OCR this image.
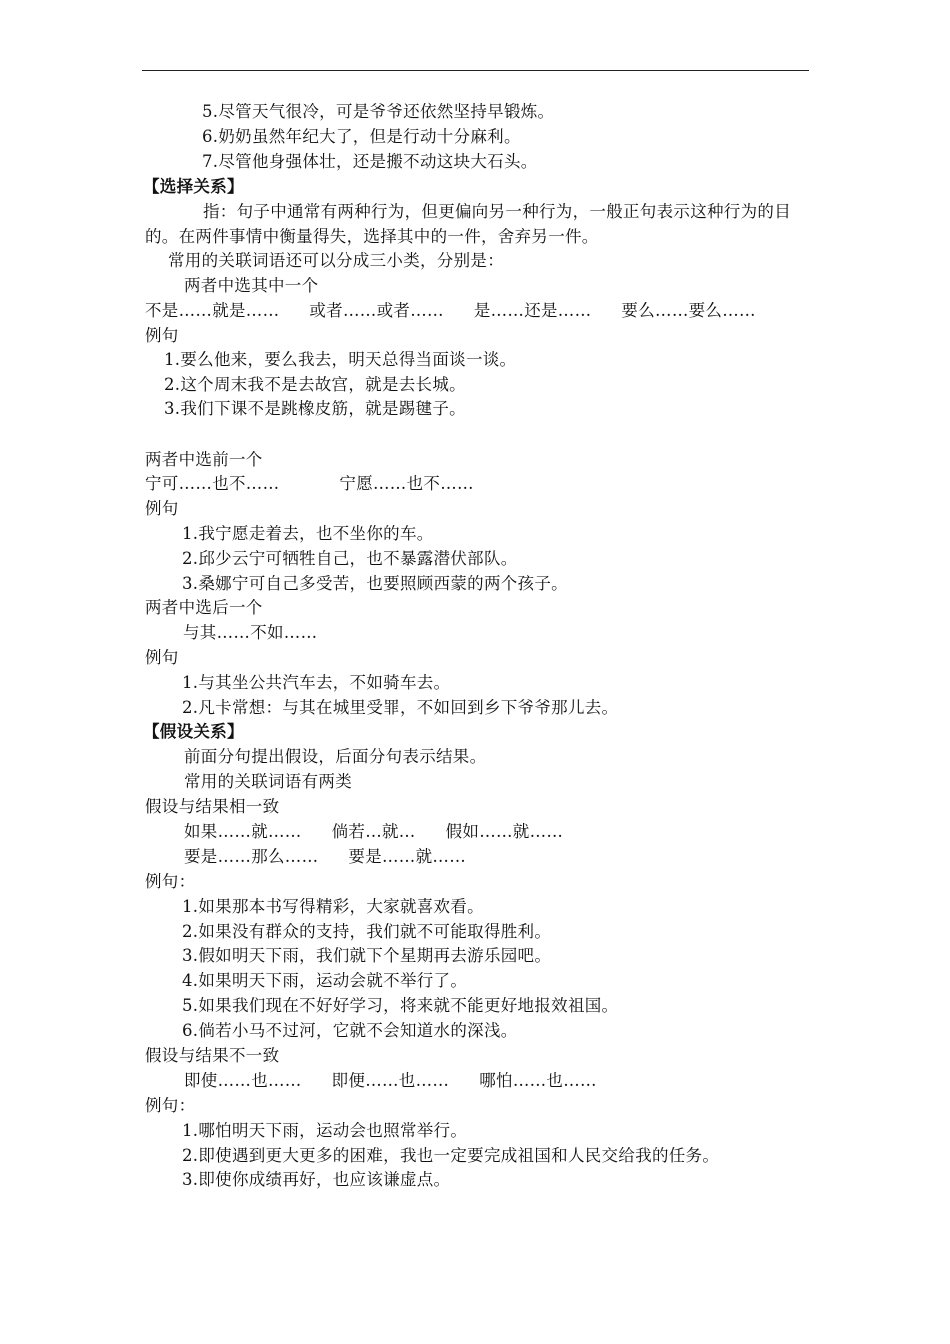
5.尽管天气很冷，可是爷爷还依然坚持早锻炼。
6.奶奶虽然年纪大了，但是行动十分麻利。
7.尽管他身强体壮，还是搬不动这块大石头。
【选择关系】
指：句子中通常有两种行为，但更偏向另一种行为，一般正句表示这种行为的目的。在两件事情中衡量得失，选择其中的一件，舍弃另一件。
常用的关联词语还可以分成三小类，分别是：
两者中选其中一个
不是……就是…… 或者……或者…… 是……还是…… 要么……要么……
例句
1.要么他来，要么我去，明天总得当面谈一谈。
2.这个周末我不是去故宫，就是去长城。
3.我们下课不是跳橡皮筋，就是踢毽子。
两者中选前一个
宁可……也不……	宁愿……也不……
例句
1.我宁愿走着去，也不坐你的车。
2.邱少云宁可牺牲自己，也不暴露潜伏部队。
3.桑娜宁可自己多受苦，也要照顾西蒙的两个孩子。
两者中选后一个
与其……不如……
例句
1.与其坐公共汽车去，不如骑车去。
2.凡卡常想：与其在城里受罪，不如回到乡下爷爷那儿去。
【假设关系】
前面分句提出假设，后面分句表示结果。
常用的关联词语有两类
假设与结果相一致
如果……就…… 倘若…就… 假如……就……
要是……那么…… 要是……就……
例句：
1.如果那本书写得精彩，大家就喜欢看。
2.如果没有群众的支持，我们就不可能取得胜利。
3.假如明天下雨，我们就下个星期再去游乐园吧。
4.如果明天下雨，运动会就不举行了。
5.如果我们现在不好好学习，将来就不能更好地报效祖国。
6.倘若小马不过河，它就不会知道水的深浅。
假设与结果不一致
即使……也…… 即便……也…… 哪怕……也……
例句：
1.哪怕明天下雨，运动会也照常举行。
2.即使遇到更大更多的困难，我也一定要完成祖国和人民交给我的任务。
3.即使你成绩再好，也应该谦虚点。
